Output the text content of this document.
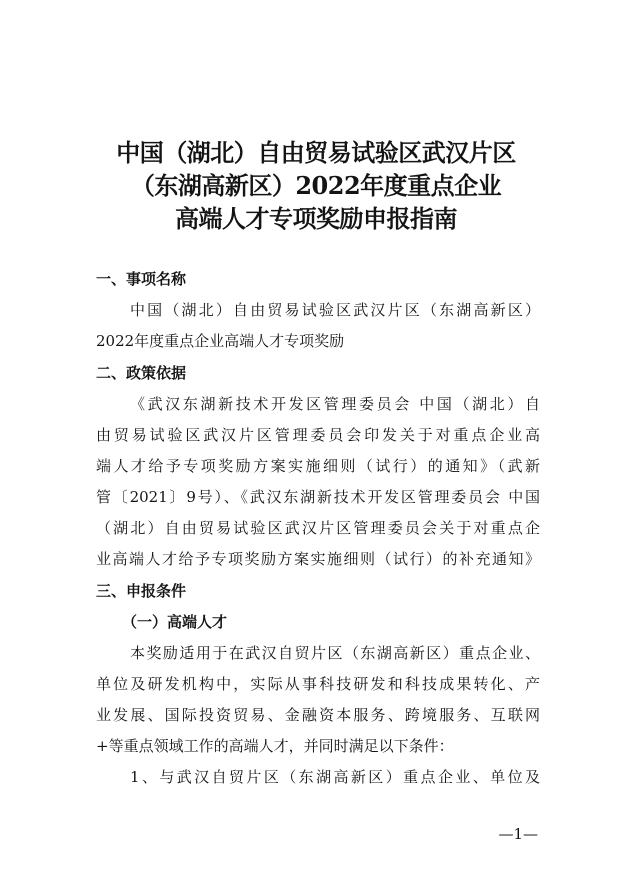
中国（湖北）自由贸易试验区武汉片区
（东湖高新区）2022年度重点企业
高端人才专项奖励申报指南
一、事项名称
中国（湖北）自由贸易试验区武汉片区（东湖高新区）
2022年度重点企业高端人才专项奖励
二、政策依据
《武汉东湖新技术开发区管理委员会 中国（湖北）自
由贸易试验区武汉片区管理委员会印发关于对重点企业高
端人才给予专项奖励方案实施细则（试行）的通知》（武新
管〔2021〕9号）、《武汉东湖新技术开发区管理委员会 中国
（湖北）自由贸易试验区武汉片区管理委员会关于对重点企
业高端人才给予专项奖励方案实施细则（试行）的补充通知》
三、申报条件
（一）高端人才
本奖励适用于在武汉自贸片区（东湖高新区）重点企业、
单位及研发机构中，实际从事科技研发和科技成果转化、产
业发展、国际投资贸易、金融资本服务、跨境服务、互联网
+等重点领域工作的高端人才，并同时满足以下条件：
1、与武汉自贸片区（东湖高新区）重点企业、单位及
—1—
